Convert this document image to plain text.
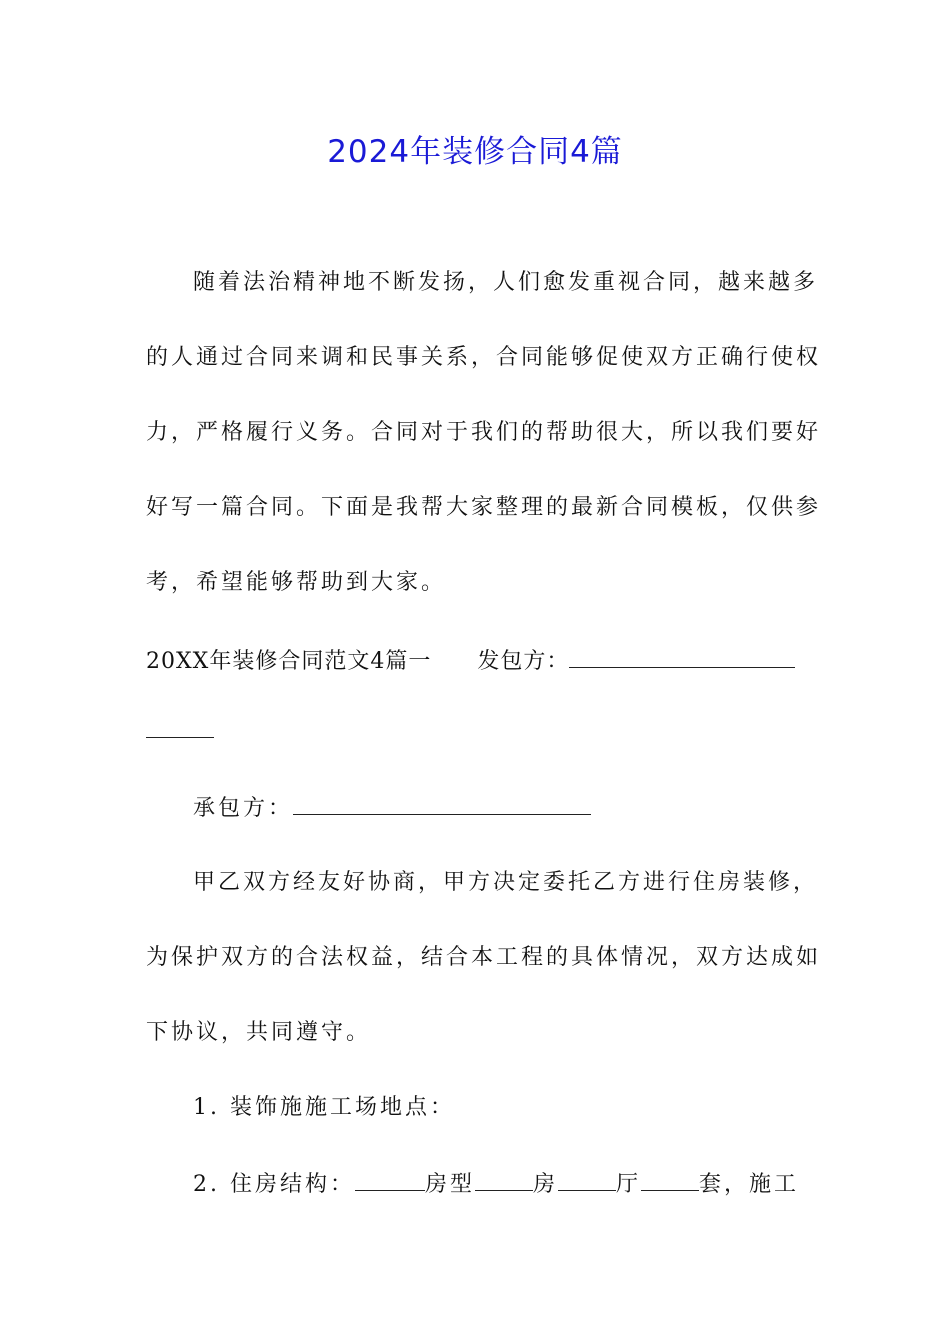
2024年装修合同4篇
随着法治精神地不断发扬，人们愈发重视合同，越来越多
的人通过合同来调和民事关系，合同能够促使双方正确行使权
力，严格履行义务。合同对于我们的帮助很大，所以我们要好
好写一篇合同。下面是我帮大家整理的最新合同模板，仅供参
考，希望能够帮助到大家。
20XX年装修合同范文4篇一 发包方：
承包方：
甲乙双方经友好协商，甲方决定委托乙方进行住房装修，
为保护双方的合法权益，结合本工程的具体情况，双方达成如
下协议，共同遵守。
1. 装饰施施工场地点：
2. 住房结构：	房型	房	厅	套，施工
